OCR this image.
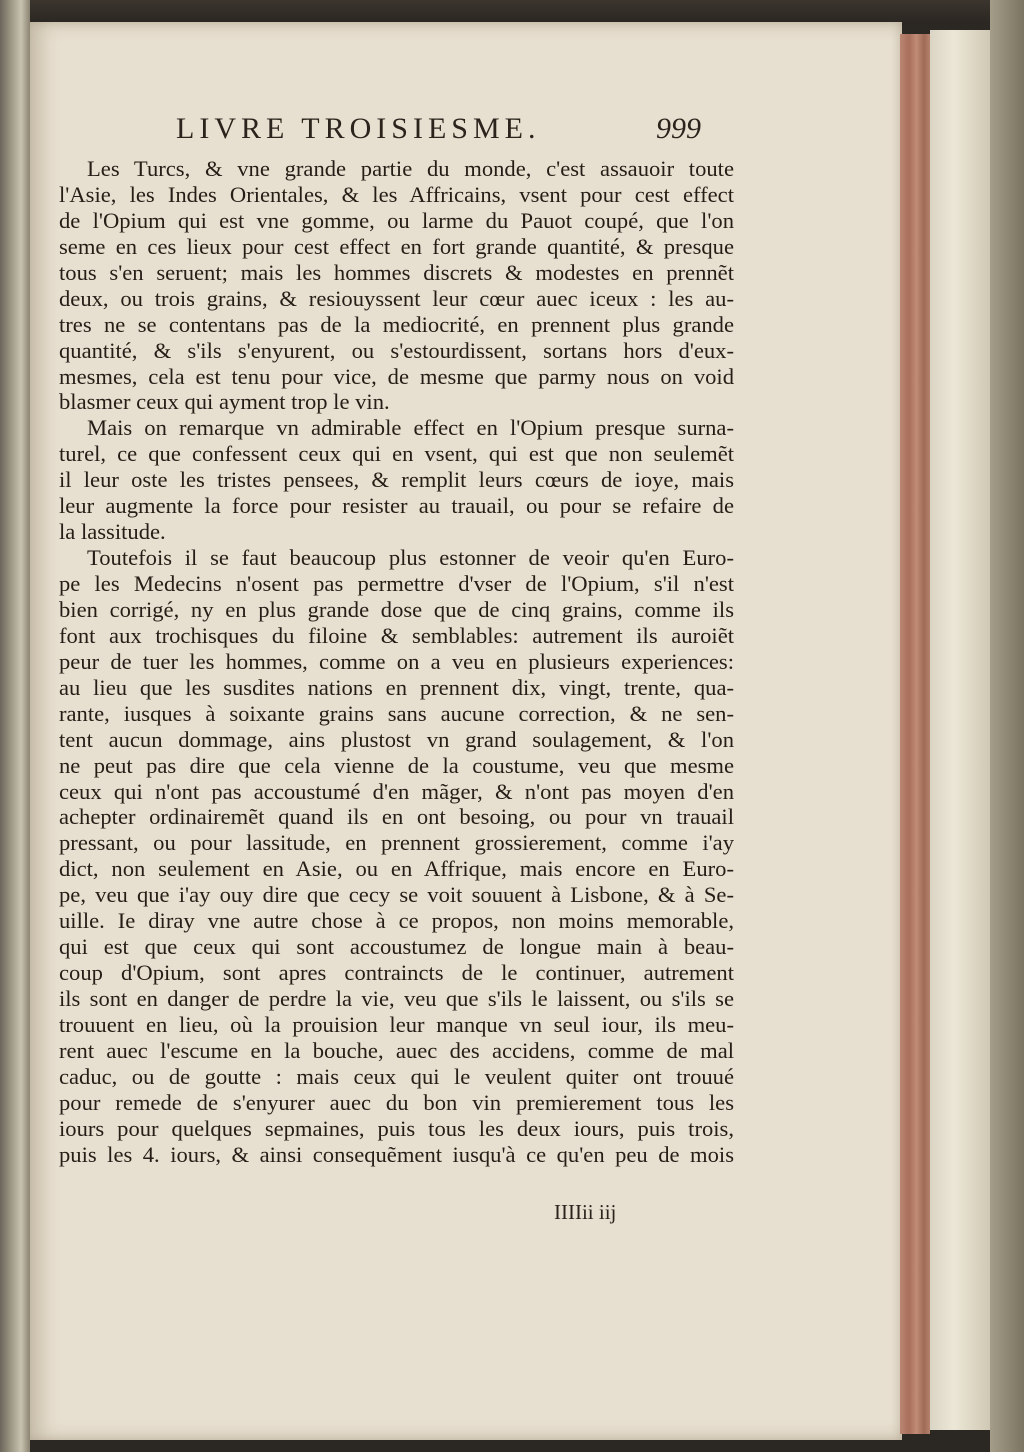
LIVRE TROISIESME.	999
Les Turcs, & vne grande partie du monde, c'est assauoir toute
l'Asie, les Indes Orientales, & les Affricains, vsent pour cest effect
de l'Opium qui est vne gomme, ou larme du Pauot coupé, que l'on
seme en ces lieux pour cest effect en fort grande quantité, & presque
tous s'en seruent; mais les hommes discrets & modestes en prennẽt
deux, ou trois grains, & resiouyssent leur cœur auec iceux : les au-
tres ne se contentans pas de la mediocrité, en prennent plus grande
quantité, & s'ils s'enyurent, ou s'estourdissent, sortans hors d'eux-
mesmes, cela est tenu pour vice, de mesme que parmy nous on void
blasmer ceux qui ayment trop le vin.
Mais on remarque vn admirable effect en l'Opium presque surna-
turel, ce que confessent ceux qui en vsent, qui est que non seulemẽt
il leur oste les tristes pensees, & remplit leurs cœurs de ioye, mais
leur augmente la force pour resister au trauail, ou pour se refaire de
la lassitude.
Toutefois il se faut beaucoup plus estonner de veoir qu'en Euro-
pe les Medecins n'osent pas permettre d'vser de l'Opium, s'il n'est
bien corrigé, ny en plus grande dose que de cinq grains, comme ils
font aux trochisques du filoine & semblables: autrement ils auroiẽt
peur de tuer les hommes, comme on a veu en plusieurs experiences:
au lieu que les susdites nations en prennent dix, vingt, trente, qua-
rante, iusques à soixante grains sans aucune correction, & ne sen-
tent aucun dommage, ains plustost vn grand soulagement, & l'on
ne peut pas dire que cela vienne de la coustume, veu que mesme
ceux qui n'ont pas accoustumé d'en mãger, & n'ont pas moyen d'en
achepter ordinairemẽt quand ils en ont besoing, ou pour vn trauail
pressant, ou pour lassitude, en prennent grossierement, comme i'ay
dict, non seulement en Asie, ou en Affrique, mais encore en Euro-
pe, veu que i'ay ouy dire que cecy se voit souuent à Lisbone, & à Se-
uille. Ie diray vne autre chose à ce propos, non moins memorable,
qui est que ceux qui sont accoustumez de longue main à beau-
coup d'Opium, sont apres contraincts de le continuer, autrement
ils sont en danger de perdre la vie, veu que s'ils le laissent, ou s'ils se
trouuent en lieu, où la prouision leur manque vn seul iour, ils meu-
rent auec l'escume en la bouche, auec des accidens, comme de mal
caduc, ou de goutte : mais ceux qui le veulent quiter ont trouué
pour remede de s'enyurer auec du bon vin premierement tous les
iours pour quelques sepmaines, puis tous les deux iours, puis trois,
puis les 4. iours, & ainsi consequẽment iusqu'à ce qu'en peu de mois
IIIIii iij
